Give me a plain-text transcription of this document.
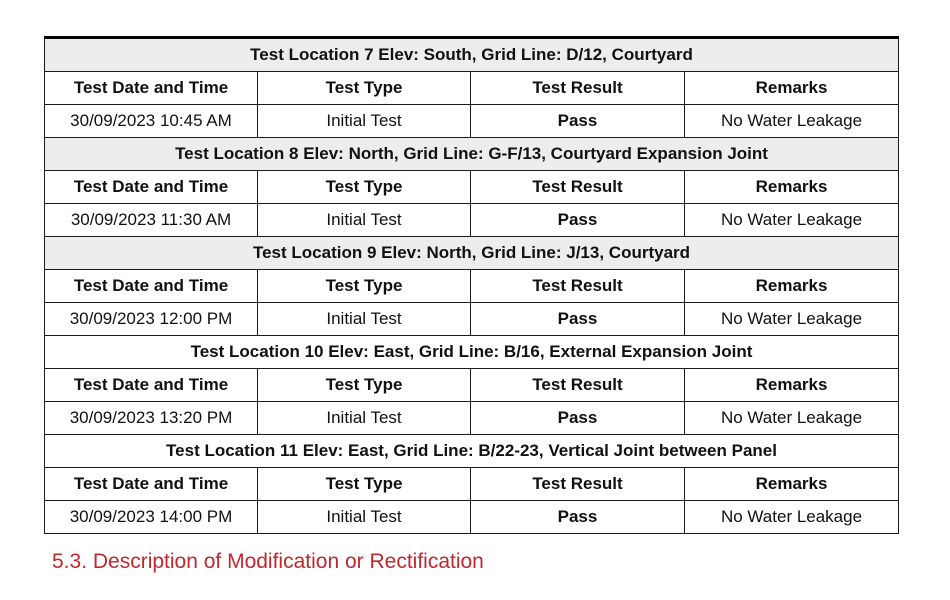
Test Location 7 Elev: South, Grid Line: D/12, Courtyard			
Test Date and Time	Test Type	Test Result	Remarks
30/09/2023 10:45 AM	Initial Test	Pass	No Water Leakage
Test Location 8 Elev: North, Grid Line: G-F/13, Courtyard Expansion Joint			
Test Date and Time	Test Type	Test Result	Remarks
30/09/2023 11:30 AM	Initial Test	Pass	No Water Leakage
Test Location 9 Elev: North, Grid Line: J/13, Courtyard			
Test Date and Time	Test Type	Test Result	Remarks
30/09/2023 12:00 PM	Initial Test	Pass	No Water Leakage
Test Location 10 Elev: East, Grid Line: B/16, External Expansion Joint			
Test Date and Time	Test Type	Test Result	Remarks
30/09/2023 13:20 PM	Initial Test	Pass	No Water Leakage
Test Location 11 Elev: East, Grid Line: B/22-23, Vertical Joint between Panel			
Test Date and Time	Test Type	Test Result	Remarks
30/09/2023 14:00 PM	Initial Test	Pass	No Water Leakage
5.3. Description of Modification or Rectification
